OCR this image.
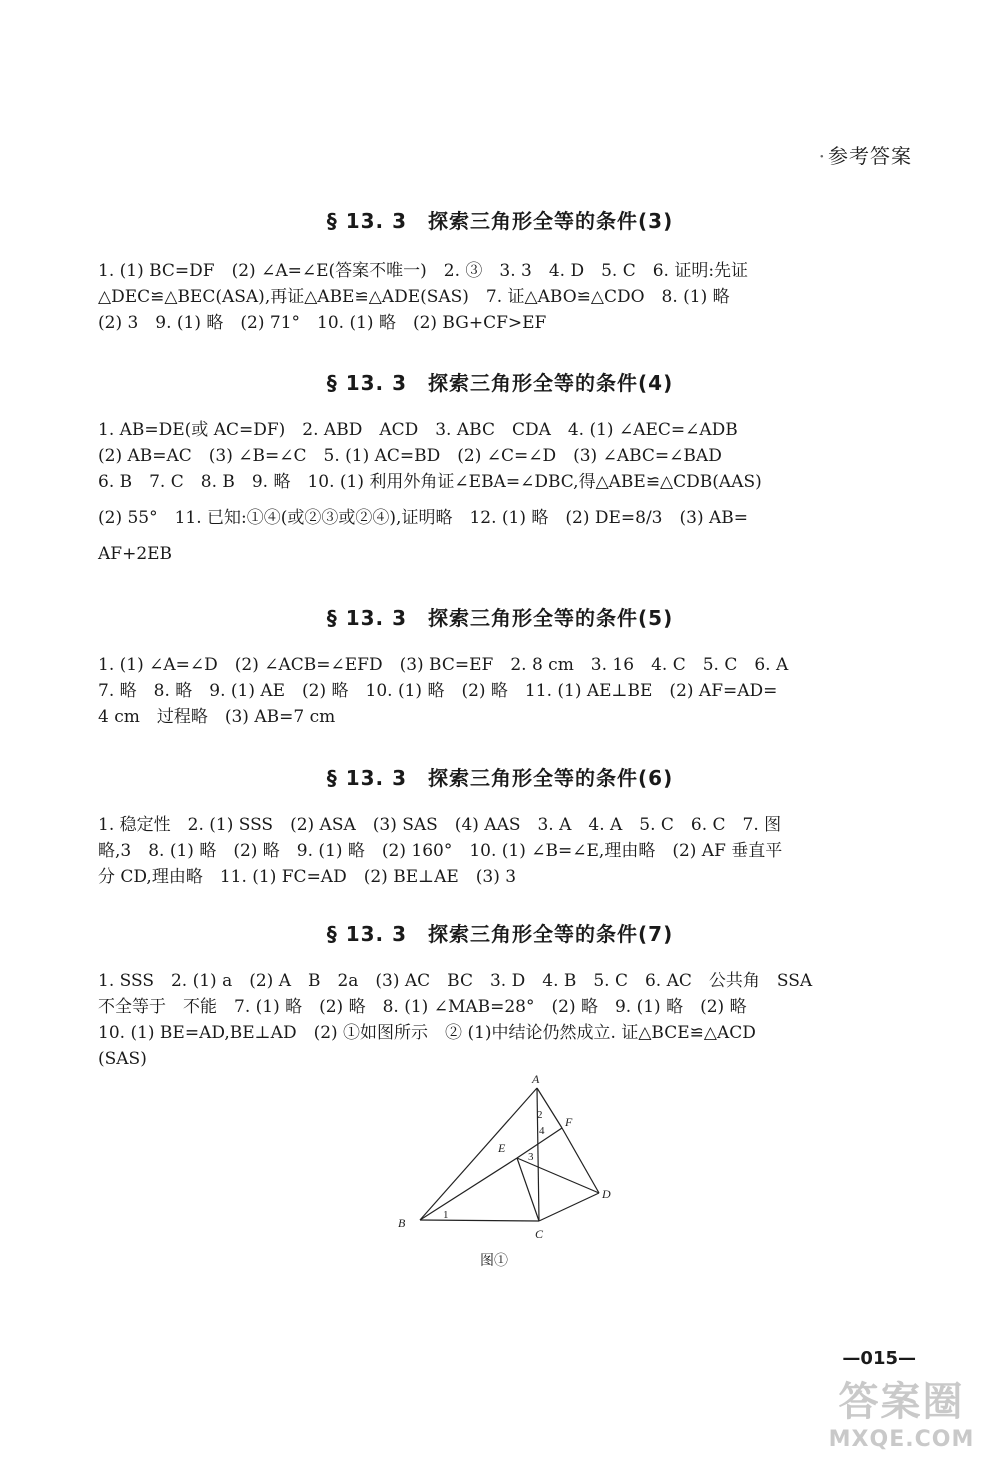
· 参考答案
§ 13. 3　探索三角形全等的条件(3)

1. (1) BC=DF　(2) ∠A=∠E(答案不唯一)　2. ③　3. 3　4. D　5. C　6. 证明:先证

△DEC≌△BEC(ASA),再证△ABE≌△ADE(SAS)　7. 证△ABO≌△CDO　8. (1) 略

(2) 3　9. (1) 略　(2) 71°　10. (1) 略　(2) BG+CF>EF

§ 13. 3　探索三角形全等的条件(4)

1. AB=DE(或 AC=DF)　2. ABD　ACD　3. ABC　CDA　4. (1) ∠AEC=∠ADB

(2) AB=AC　(3) ∠B=∠C　5. (1) AC=BD　(2) ∠C=∠D　(3) ∠ABC=∠BAD

6. B　7. C　8. B　9. 略　10. (1) 利用外角证∠EBA=∠DBC,得△ABE≌△CDB(AAS)

(2) 55°　11. 已知:①④(或②③或②④),证明略　12. (1) 略　(2) DE=8/3　(3) AB=

AF+2EB

§ 13. 3　探索三角形全等的条件(5)

1. (1) ∠A=∠D　(2) ∠ACB=∠EFD　(3) BC=EF　2. 8 cm　3. 16　4. C　5. C　6. A

7. 略　8. 略　9. (1) AE　(2) 略　10. (1) 略　(2) 略　11. (1) AE⊥BE　(2) AF=AD=

4 cm　过程略　(3) AB=7 cm

§ 13. 3　探索三角形全等的条件(6)

1. 稳定性　2. (1) SSS　(2) ASA　(3) SAS　(4) AAS　3. A　4. A　5. C　6. C　7. 图

略,3　8. (1) 略　(2) 略　9. (1) 略　(2) 160°　10. (1) ∠B=∠E,理由略　(2) AF 垂直平

分 CD,理由略　11. (1) FC=AD　(2) BE⊥AE　(3) 3

§ 13. 3　探索三角形全等的条件(7)

1. SSS　2. (1) a　(2) A　B　2a　(3) AC　BC　3. D　4. B　5. C　6. AC　公共角　SSA

不全等于　不能　7. (1) 略　(2) 略　8. (1) ∠MAB=28°　(2) 略　9. (1) 略　(2) 略

10. (1) BE=AD,BE⊥AD　(2) ①如图所示　② (1)中结论仍然成立. 证△BCE≌△ACD

(SAS)

A
B
C
D
E
F
1
2
3
4
图①
—015—
答案圈
MXQE.COM
